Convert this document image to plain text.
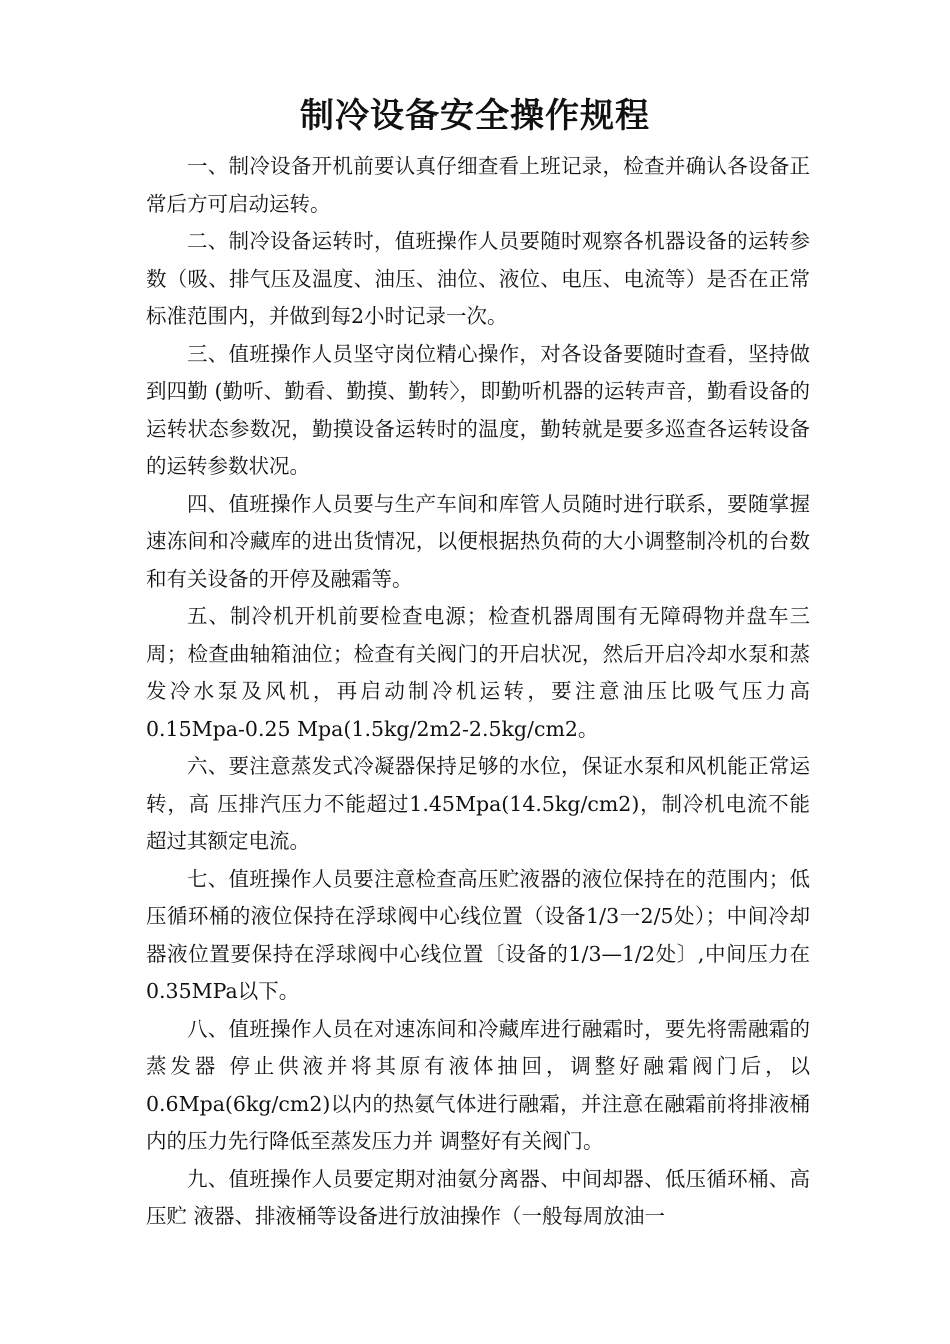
制冷设备安全操作规程

一、制冷设备开机前要认真仔细查看上班记录，检查并确认各设备正常后方可启动运转。

二、制冷设备运转时，值班操作人员要随时观察各机器设备的运转参数（吸、排气压及温度、油压、油位、液位、电压、电流等）是否在正常标准范围内，并做到每2小时记录一次。

三、值班操作人员坚守岗位精心操作，对各设备要随时查看，坚持做到四勤 (勤听、勤看、勤摸、勤转〉，即勤听机器的运转声音，勤看设备的运转状态参数况，勤摸设备运转时的温度，勤转就是要多巡查各运转设备的运转参数状况。

四、值班操作人员要与生产车间和库管人员随时进行联系，要随掌握速冻间和冷藏库的进出货情况，以便根据热负荷的大小调整制冷机的台数和有关设备的开停及融霜等。

五、制冷机开机前要检查电源；检查机器周围有无障碍物并盘车三周；检查曲轴箱油位；检查有关阀门的开启状况，然后开启冷却水泵和蒸发冷水泵及风机，再启动制冷机运转，要注意油压比吸气压力高0.15Mpa-0.25 Mpa(1.5kg/2m2-2.5kg/cm2。

六、要注意蒸发式冷凝器保持足够的水位，保证水泵和风机能正常运转，高 压排汽压力不能超过1.45Mpa(14.5kg/cm2)，制冷机电流不能超过其额定电流。

七、值班操作人员要注意检查高压贮液器的液位保持在的范围内；低压循环桶的液位保持在浮球阀中心线位置（设备1/3一2/5处）；中间冷却器液位置要保持在浮球阀中心线位置〔设备的1/3—1/2处〕,中间压力在0.35MPa以下。

八、值班操作人员在对速冻间和冷藏库进行融霜时，要先将需融霜的蒸发器 停止供液并将其原有液体抽回，调整好融霜阀门后，以0.6Mpa(6kg/cm2)以内的热氨气体进行融霜，并注意在融霜前将排液桶内的压力先行降低至蒸发压力并 调整好有关阀门。

九、值班操作人员要定期对油氨分离器、中间却器、低压循环桶、高压贮 液器、排液桶等设备进行放油操作（一般每周放油一
